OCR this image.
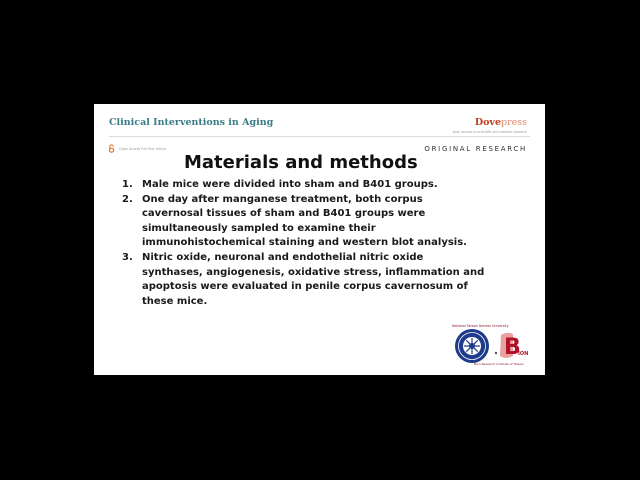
Clinical Interventions in Aging	Dovepress
open access to scientific and medical research
Open Access Full Text Article	ORIGINAL RESEARCH
Materials and methods
1. Male mice were divided into sham and B401 groups.
2. One day after manganese treatment, both corpus
cavernosal tissues of sham and B401 groups were
simultaneously sampled to examine their
immunohistochemical staining and western blot analysis.
3. Nitric oxide, neuronal and endothelial nitric oxide
synthases, angiogenesis, oxidative stress, inflammation and
apoptosis were evaluated in penile corpus cavernosum of
these mice.
National Taiwan Normal University
B
ION
Bion Research Institute of Taiwan
